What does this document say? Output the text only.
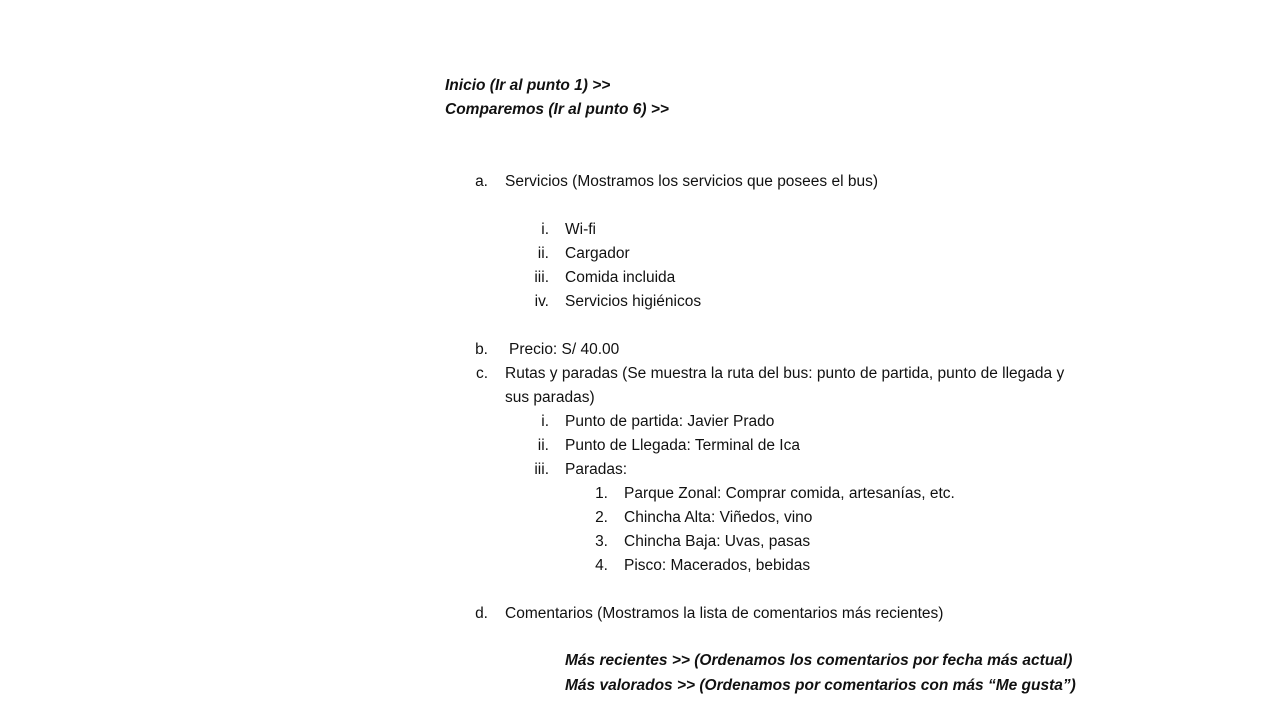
Inicio (Ir al punto 1) >>
Comparemos (Ir al punto 6) >>
a. Servicios (Mostramos los servicios que posees el bus)
i. Wi-fi
ii. Cargador
iii. Comida incluida
iv. Servicios higiénicos
b. Precio: S/ 40.00
c. Rutas y paradas (Se muestra la ruta del bus: punto de partida, punto de llegada y
sus paradas)
i. Punto de partida: Javier Prado
ii. Punto de Llegada: Terminal de Ica
iii. Paradas:
1. Parque Zonal: Comprar comida, artesanías, etc.
2. Chincha Alta: Viñedos, vino
3. Chincha Baja: Uvas, pasas
4. Pisco: Macerados, bebidas
d. Comentarios (Mostramos la lista de comentarios más recientes)
Más recientes >> (Ordenamos los comentarios por fecha más actual)
Más valorados >> (Ordenamos por comentarios con más “Me gusta”)
